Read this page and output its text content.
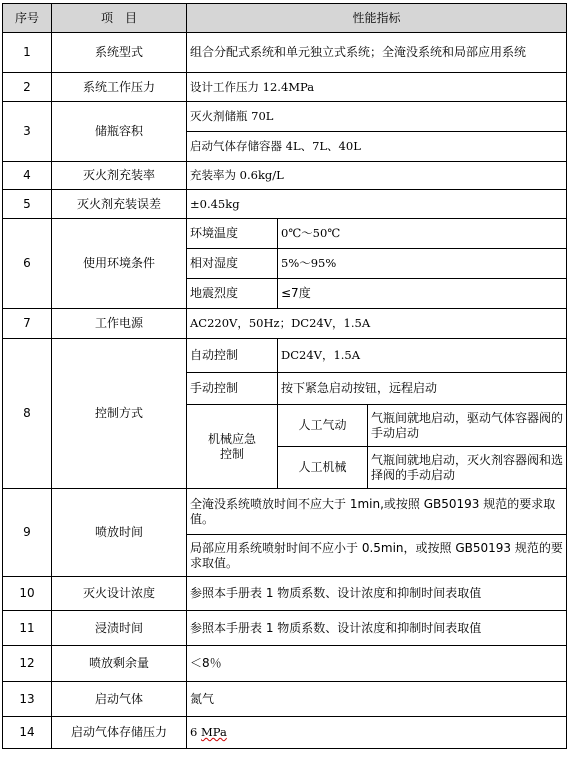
序号	项　目	性能指标		
1	系统型式	组合分配式系统和单元独立式系统；全淹没系统和局部应用系统		
2	系统工作压力	设计工作压力 12.4MPa		
3	储瓶容积	灭火剂储瓶 70L		
		启动气体存储容器 4L、7L、40L		
4	灭火剂充装率	充装率为 0.6kg/L		
5	灭火剂充装误差	±0.45kg		
6	使用环境条件	环境温度	0℃～50℃	
		相对湿度	5%～95%	
		地震烈度	≤7度	
7	工作电源	AC220V，50Hz；DC24V，1.5A		
8	控制方式	自动控制	DC24V，1.5A	
		手动控制	按下紧急启动按钮，远程启动	
		机械应急控制	人工气动	气瓶间就地启动，驱动气体容器阀的手动启动
			人工机械	气瓶间就地启动，灭火剂容器阀和选择阀的手动启动
9	喷放时间	全淹没系统喷放时间不应大于 1min,或按照 GB50193 规范的要求取值。		
		局部应用系统喷射时间不应小于 0.5min，或按照 GB50193 规范的要求取值。		
10	灭火设计浓度	参照本手册表 1 物质系数、设计浓度和抑制时间表取值		
11	浸渍时间	参照本手册表 1 物质系数、设计浓度和抑制时间表取值		
12	喷放剩余量	＜8％		
13	启动气体	氮气		
14	启动气体存储压力	6 MPa		
